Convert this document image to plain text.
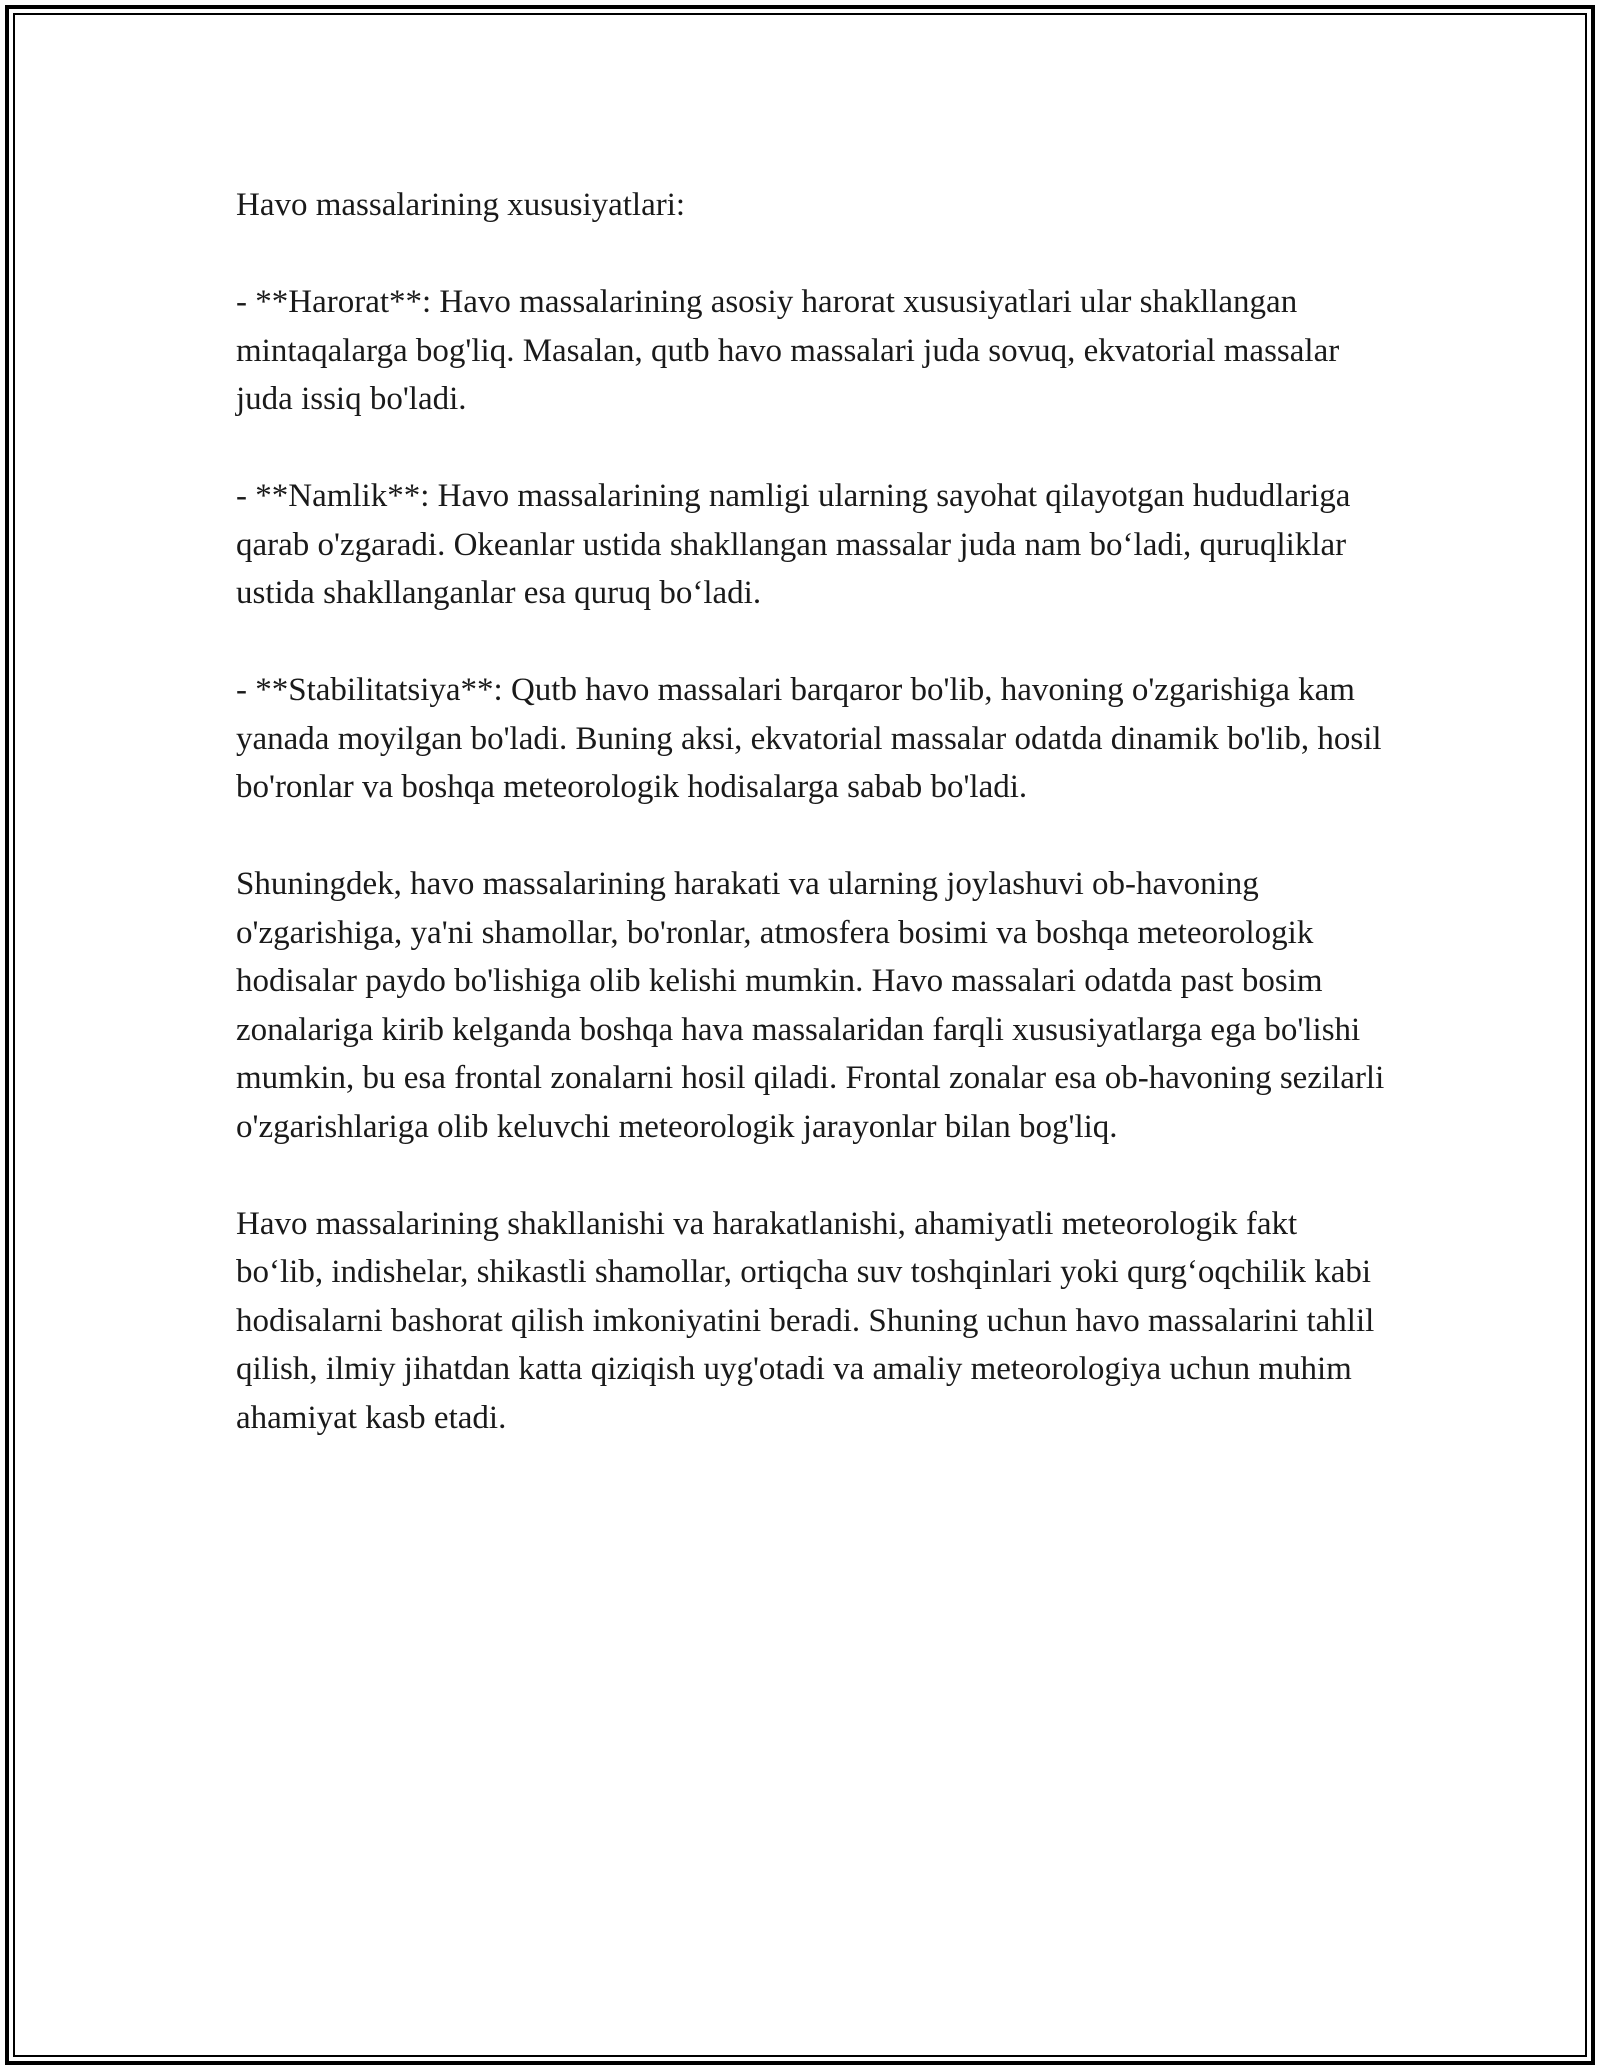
Havo massalarining xususiyatlari:

- **Harorat**: Havo massalarining asosiy harorat xususiyatlari ular shakllangan mintaqalarga bog'liq. Masalan, qutb havo massalari juda sovuq, ekvatorial massalar juda issiq bo'ladi.

- **Namlik**: Havo massalarining namligi ularning sayohat qilayotgan hududlariga qarab o'zgaradi. Okeanlar ustida shakllangan massalar juda nam bo‘ladi, quruqliklar ustida shakllanganlar esa quruq bo‘ladi.

- **Stabilitatsiya**: Qutb havo massalari barqaror bo'lib, havoning o'zgarishiga kam yanada moyilgan bo'ladi. Buning aksi, ekvatorial massalar odatda dinamik bo'lib, hosil bo'ronlar va boshqa meteorologik hodisalarga sabab bo'ladi.

Shuningdek, havo massalarining harakati va ularning joylashuvi ob-havoning o'zgarishiga, ya'ni shamollar, bo'ronlar, atmosfera bosimi va boshqa meteorologik hodisalar paydo bo'lishiga olib kelishi mumkin. Havo massalari odatda past bosim zonalariga kirib kelganda boshqa hava massalaridan farqli xususiyatlarga ega bo'lishi mumkin, bu esa frontal zonalarni hosil qiladi. Frontal zonalar esa ob-havoning sezilarli o'zgarishlariga olib keluvchi meteorologik jarayonlar bilan bog'liq.

Havo massalarining shakllanishi va harakatlanishi, ahamiyatli meteorologik fakt bo‘lib, indishelar, shikastli shamollar, ortiqcha suv toshqinlari yoki qurg‘oqchilik kabi hodisalarni bashorat qilish imkoniyatini beradi. Shuning uchun havo massalarini tahlil qilish, ilmiy jihatdan katta qiziqish uyg'otadi va amaliy meteorologiya uchun muhim ahamiyat kasb etadi.
